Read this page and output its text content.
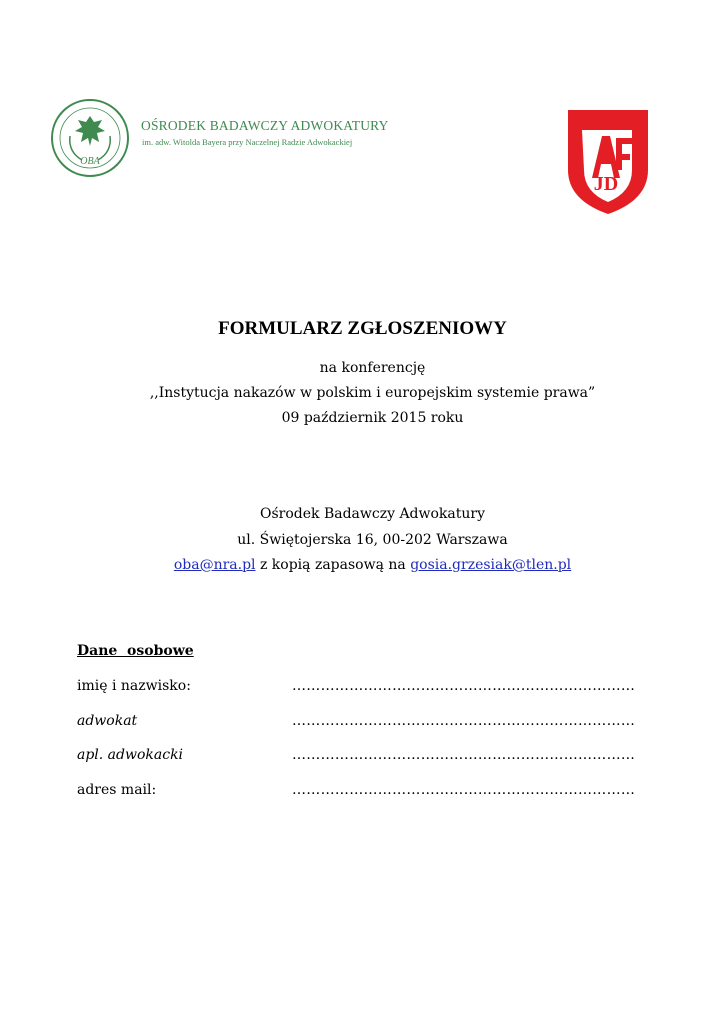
OBA
OŚRODEK BADAWCZY ADWOKATURY
im. adw. Witolda Bayera przy Naczelnej Radzie Adwokackiej
JD
FORMULARZ ZGŁOSZENIOWY
na konferencję
,,Instytucja nakazów w polskim i europejskim systemie prawa”
09 październik 2015 roku
Ośrodek Badawczy Adwokatury
ul. Świętojerska 16, 00-202 Warszawa
oba@nra.pl z kopią zapasową na gosia.grzesiak@tlen.pl
Dane  osobowe
imię i nazwisko:	………………………………………………………………
adwokat	………………………………………………………………
apl. adwokacki	………………………………………………………………
adres mail:	………………………………………………………………
